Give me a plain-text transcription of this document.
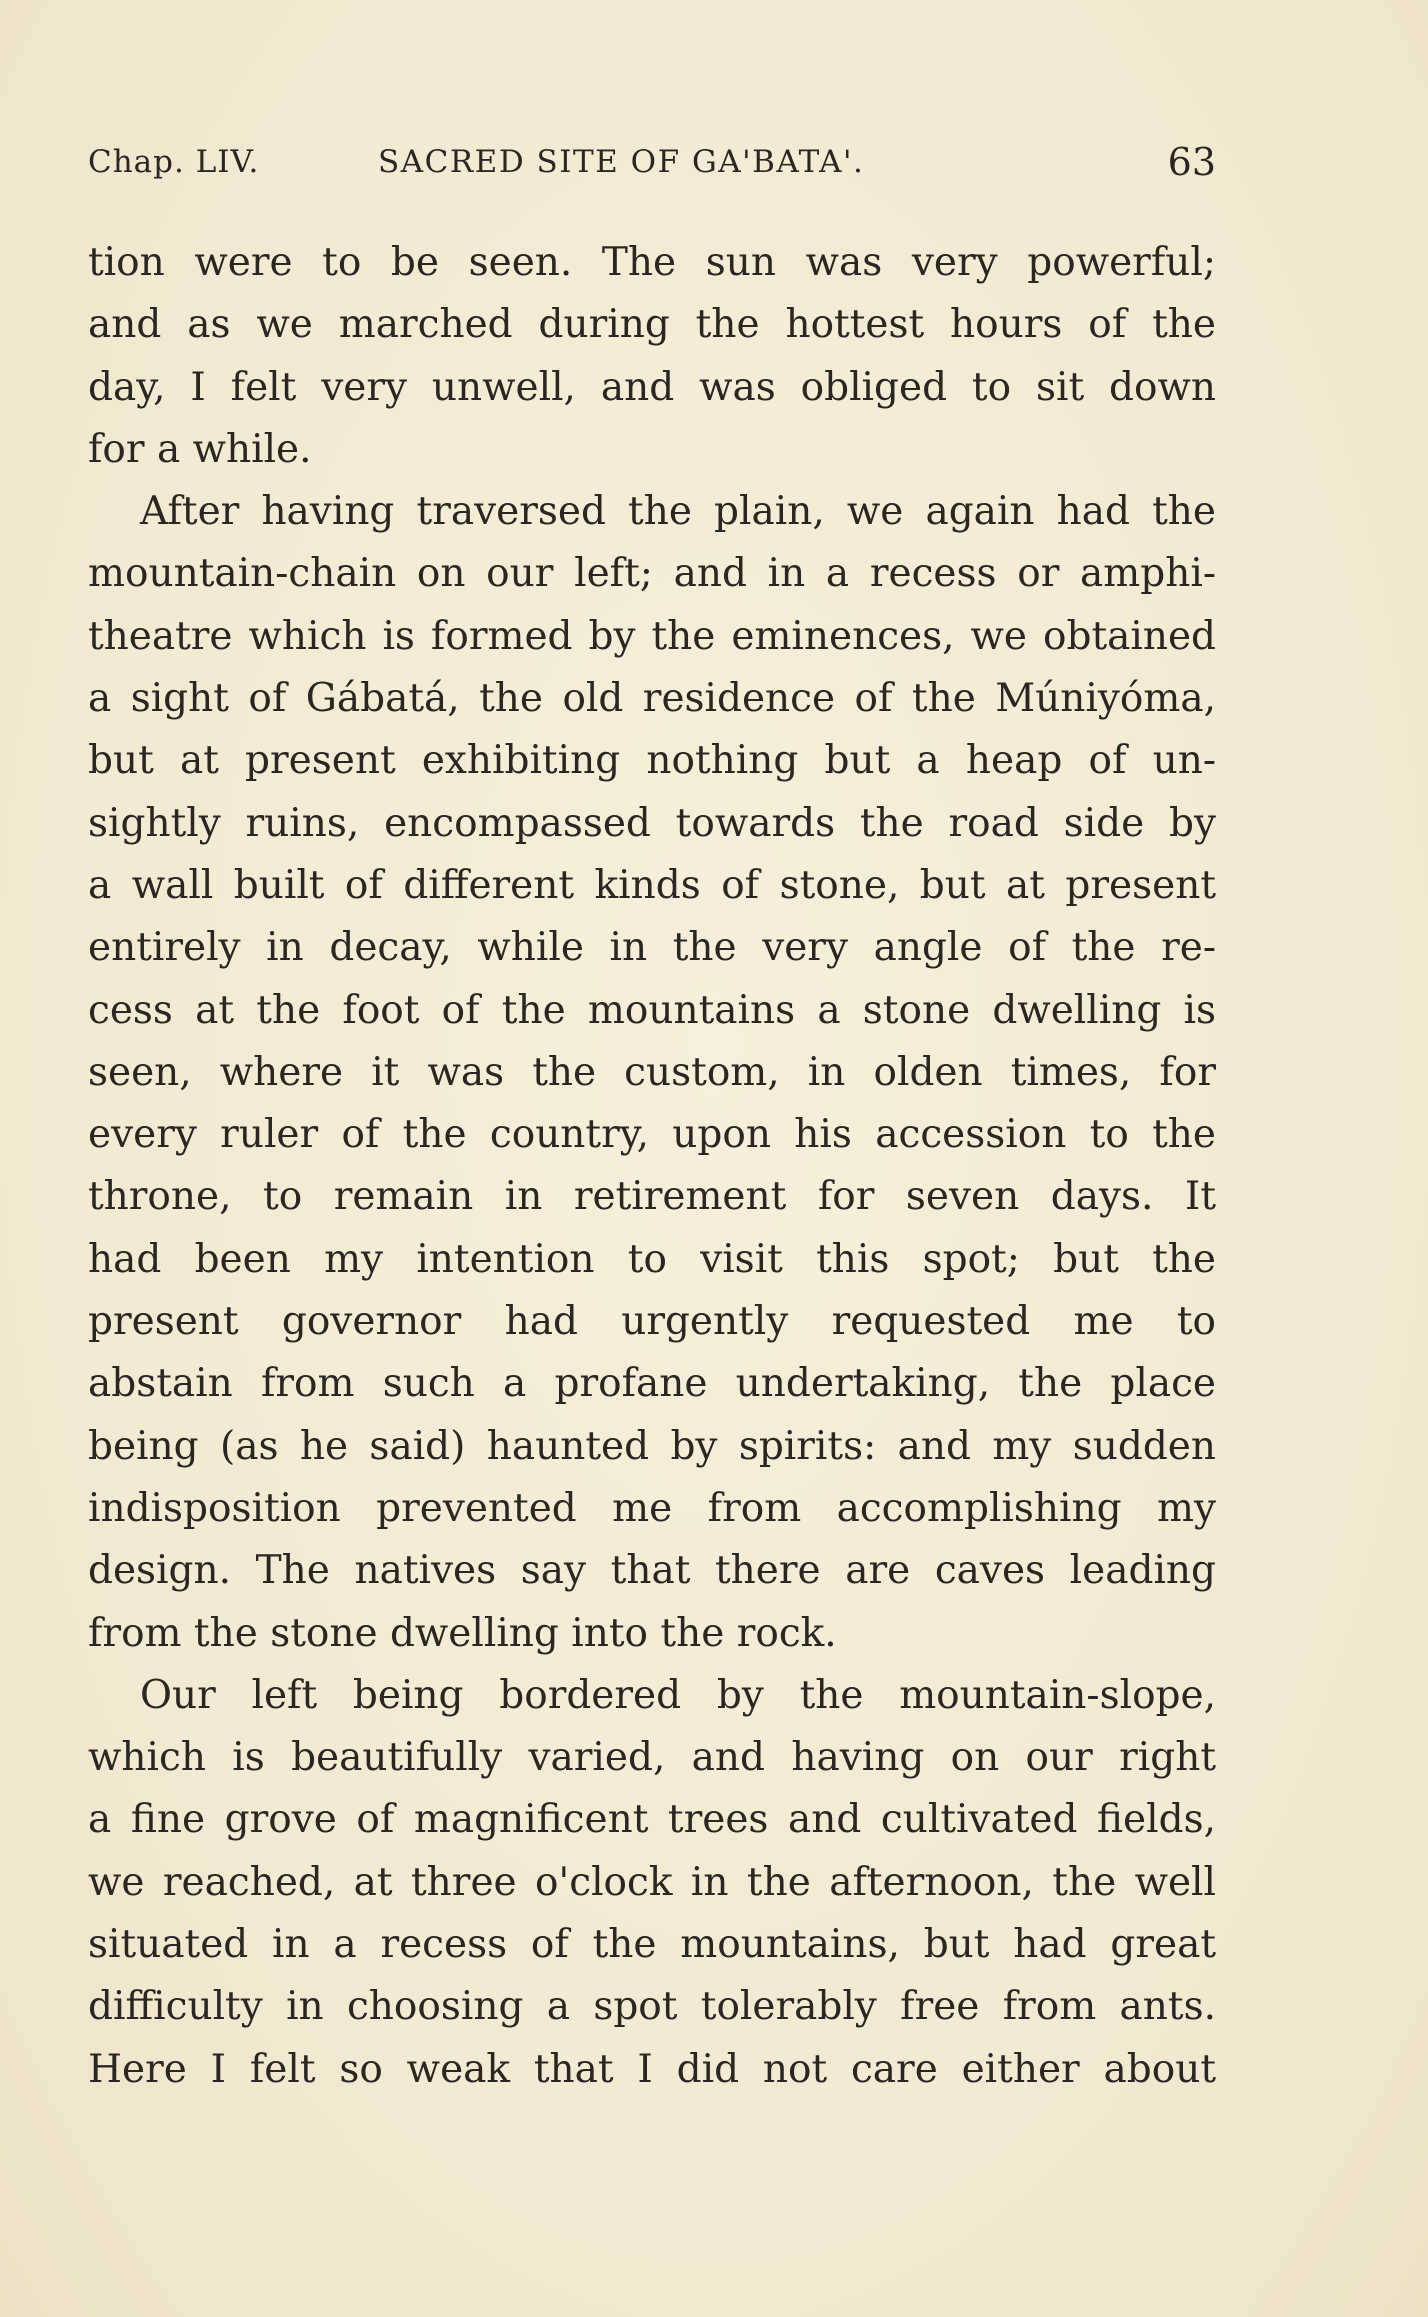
Chap. LIV.	SACRED SITE OF GA'BATA'.	63
tion were to be seen. The sun was very powerful;
and as we marched during the hottest hours of the
day, I felt very unwell, and was obliged to sit down
for a while.
After having traversed the plain, we again had the
mountain-chain on our left; and in a recess or amphi-
theatre which is formed by the eminences, we obtained
a sight of Gábatá, the old residence of the Múniyóma,
but at present exhibiting nothing but a heap of un-
sightly ruins, encompassed towards the road side by
a wall built of different kinds of stone, but at present
entirely in decay, while in the very angle of the re-
cess at the foot of the mountains a stone dwelling is
seen, where it was the custom, in olden times, for
every ruler of the country, upon his accession to the
throne, to remain in retirement for seven days. It
had been my intention to visit this spot; but the
present governor had urgently requested me to
abstain from such a profane undertaking, the place
being (as he said) haunted by spirits: and my sudden
indisposition prevented me from accomplishing my
design. The natives say that there are caves leading
from the stone dwelling into the rock.
Our left being bordered by the mountain-slope,
which is beautifully varied, and having on our right
a fine grove of magnificent trees and cultivated fields,
we reached, at three o'clock in the afternoon, the well
situated in a recess of the mountains, but had great
difficulty in choosing a spot tolerably free from ants.
Here I felt so weak that I did not care either about
